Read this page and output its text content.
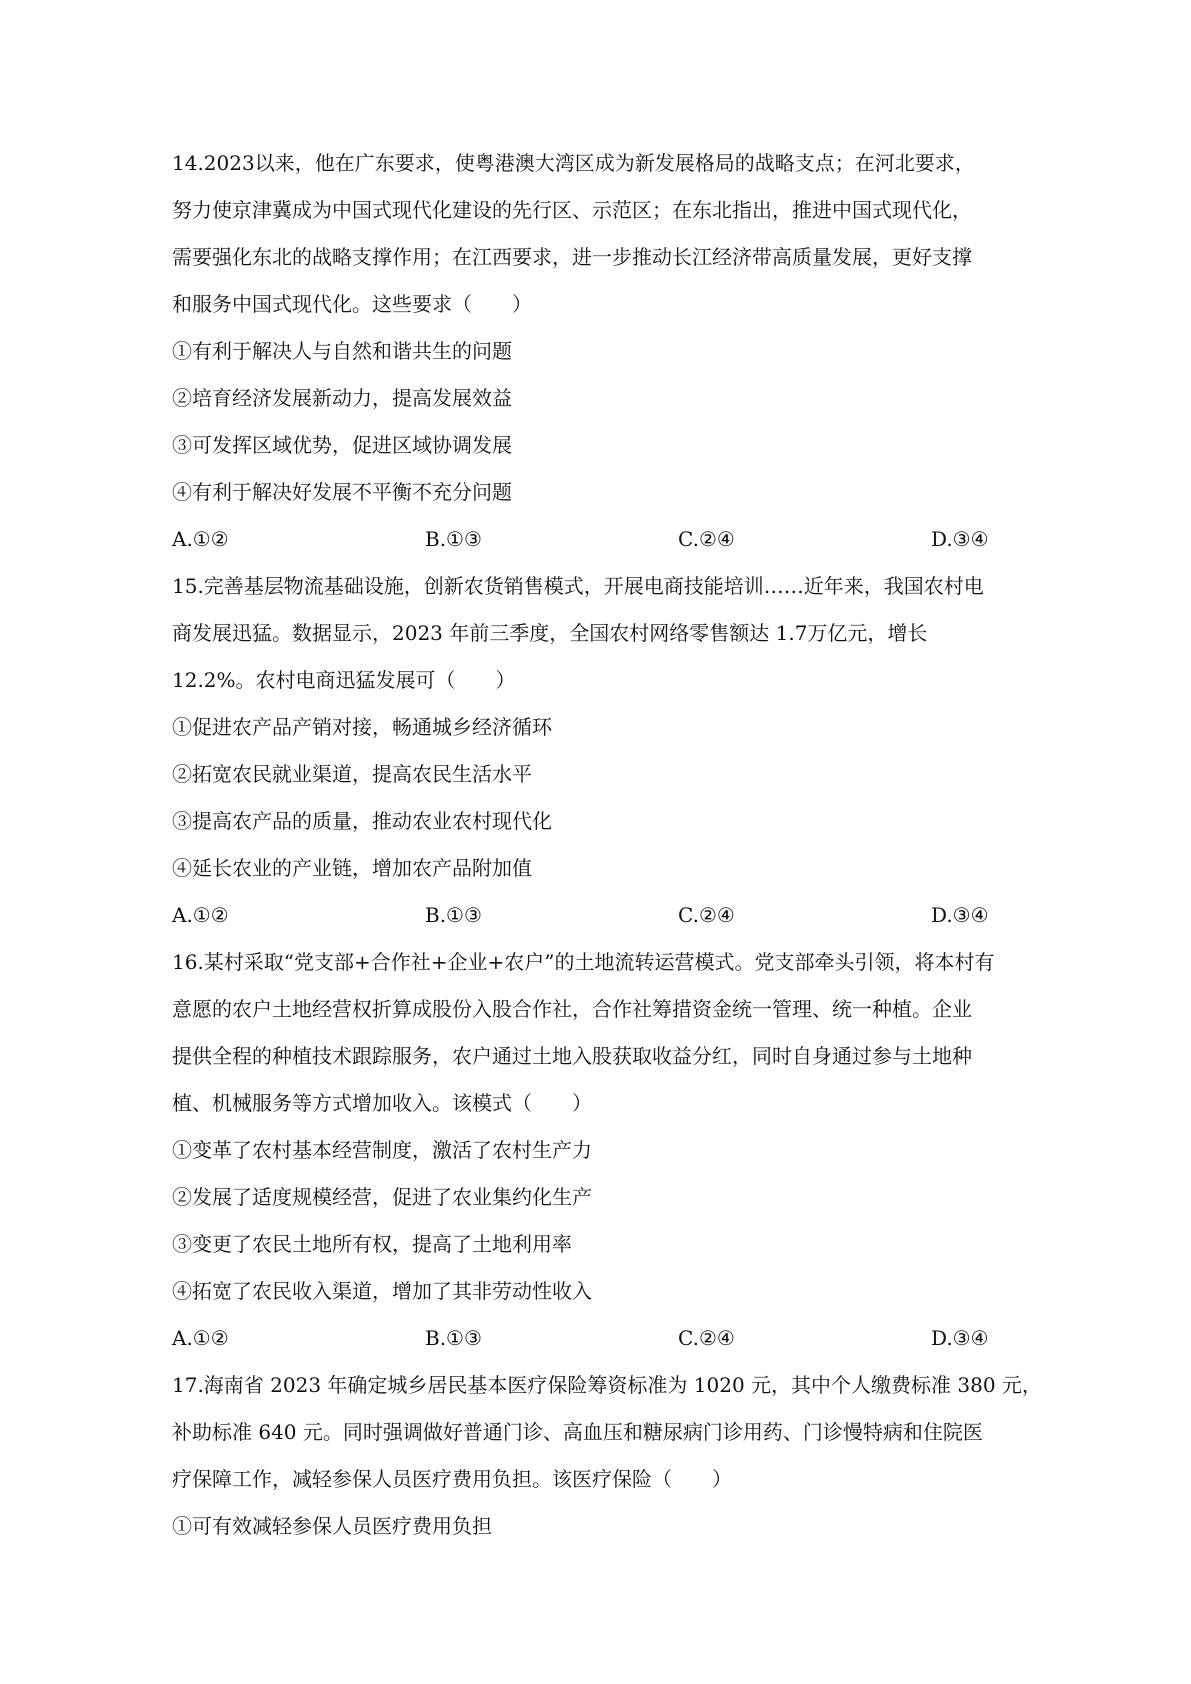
14.2023以来，他在广东要求，使粤港澳大湾区成为新发展格局的战略支点；在河北要求，
努力使京津冀成为中国式现代化建设的先行区、示范区；在东北指出，推进中国式现代化，
需要强化东北的战略支撑作用；在江西要求，进一步推动长江经济带高质量发展，更好支撑
和服务中国式现代化。这些要求（　　）
①有利于解决人与自然和谐共生的问题
②培育经济发展新动力，提高发展效益
③可发挥区域优势，促进区域协调发展
④有利于解决好发展不平衡不充分问题
A.①②	B.①③	C.②④	D.③④
15.完善基层物流基础设施，创新农货销售模式，开展电商技能培训……近年来，我国农村电
商发展迅猛。数据显示，2023 年前三季度，全国农村网络零售额达 1.7万亿元，增长
12.2%。农村电商迅猛发展可（　　）
①促进农产品产销对接，畅通城乡经济循环
②拓宽农民就业渠道，提高农民生活水平
③提高农产品的质量，推动农业农村现代化
④延长农业的产业链，增加农产品附加值
A.①②	B.①③	C.②④	D.③④
16.某村采取“党支部+合作社+企业+农户”的土地流转运营模式。党支部牵头引领，将本村有
意愿的农户土地经营权折算成股份入股合作社，合作社筹措资金统一管理、统一种植。企业
提供全程的种植技术跟踪服务，农户通过土地入股获取收益分红，同时自身通过参与土地种
植、机械服务等方式增加收入。该模式（　　）
①变革了农村基本经营制度，激活了农村生产力
②发展了适度规模经营，促进了农业集约化生产
③变更了农民土地所有权，提高了土地利用率
④拓宽了农民收入渠道，增加了其非劳动性收入
A.①②	B.①③	C.②④	D.③④
17.海南省 2023 年确定城乡居民基本医疗保险筹资标准为 1020 元，其中个人缴费标准 380 元，
补助标准 640 元。同时强调做好普通门诊、高血压和糖尿病门诊用药、门诊慢特病和住院医
疗保障工作，减轻参保人员医疗费用负担。该医疗保险（　　）
①可有效减轻参保人员医疗费用负担
